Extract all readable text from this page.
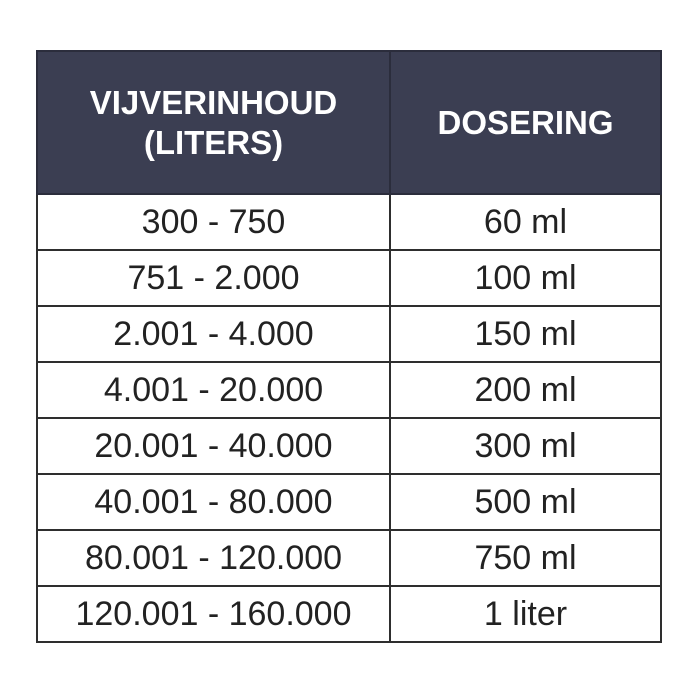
VIJVERINHOUD
(LITERS)	DOSERING
300 - 750	60 ml
751 - 2.000	100 ml
2.001 - 4.000	150 ml
4.001 - 20.000	200 ml
20.001 - 40.000	300 ml
40.001 - 80.000	500 ml
80.001 - 120.000	750 ml
120.001 - 160.000	1 liter
